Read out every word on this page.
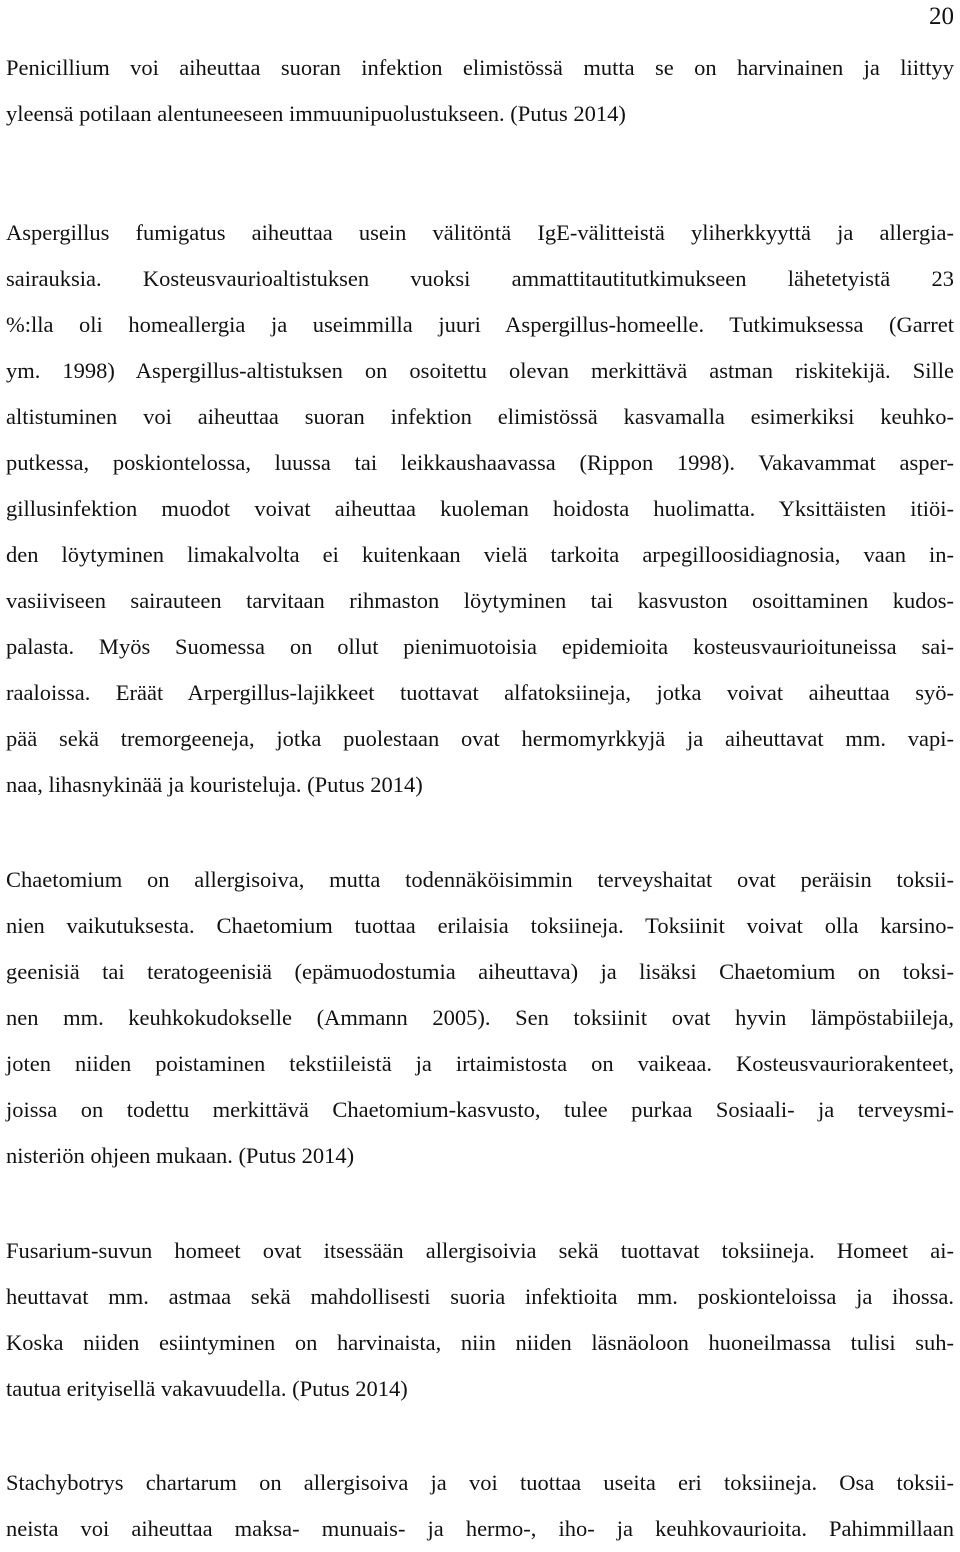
20
Penicillium voi aiheuttaa suoran infektion elimistössä mutta se on harvinainen ja liittyy
yleensä potilaan alentuneeseen immuunipuolustukseen. (Putus 2014)
Aspergillus fumigatus aiheuttaa usein välitöntä IgE-välitteistä yliherkkyyttä ja allergia-
sairauksia. Kosteusvaurioaltistuksen vuoksi ammattitautitutkimukseen lähetetyistä 23
%:lla oli homeallergia ja useimmilla juuri Aspergillus-homeelle. Tutkimuksessa (Garret
ym. 1998) Aspergillus-altistuksen on osoitettu olevan merkittävä astman riskitekijä. Sille
altistuminen voi aiheuttaa suoran infektion elimistössä kasvamalla esimerkiksi keuhko-
putkessa, poskiontelossa, luussa tai leikkaushaavassa (Rippon 1998). Vakavammat asper-
gillusinfektion muodot voivat aiheuttaa kuoleman hoidosta huolimatta. Yksittäisten itiöi-
den löytyminen limakalvolta ei kuitenkaan vielä tarkoita arpegilloosidiagnosia, vaan in-
vasiiviseen sairauteen tarvitaan rihmaston löytyminen tai kasvuston osoittaminen kudos-
palasta. Myös Suomessa on ollut pienimuotoisia epidemioita kosteusvaurioituneissa sai-
raaloissa. Eräät Arpergillus-lajikkeet tuottavat alfatoksiineja, jotka voivat aiheuttaa syö-
pää sekä tremorgeeneja, jotka puolestaan ovat hermomyrkkyjä ja aiheuttavat mm. vapi-
naa, lihasnykinää ja kouristeluja. (Putus 2014)
Chaetomium on allergisoiva, mutta todennäköisimmin terveyshaitat ovat peräisin toksii-
nien vaikutuksesta. Chaetomium tuottaa erilaisia toksiineja. Toksiinit voivat olla karsino-
geenisiä tai teratogeenisiä (epämuodostumia aiheuttava) ja lisäksi Chaetomium on toksi-
nen mm. keuhkokudokselle (Ammann 2005). Sen toksiinit ovat hyvin lämpöstabiileja,
joten niiden poistaminen tekstiileistä ja irtaimistosta on vaikeaa. Kosteusvauriorakenteet,
joissa on todettu merkittävä Chaetomium-kasvusto, tulee purkaa Sosiaali- ja terveysmi-
nisteriön ohjeen mukaan. (Putus 2014)
Fusarium-suvun homeet ovat itsessään allergisoivia sekä tuottavat toksiineja. Homeet ai-
heuttavat mm. astmaa sekä mahdollisesti suoria infektioita mm. poskionteloissa ja ihossa.
Koska niiden esiintyminen on harvinaista, niin niiden läsnäoloon huoneilmassa tulisi suh-
tautua erityisellä vakavuudella. (Putus 2014)
Stachybotrys chartarum on allergisoiva ja voi tuottaa useita eri toksiineja. Osa toksii-
neista voi aiheuttaa maksa- munuais- ja hermo-, iho- ja keuhkovaurioita. Pahimmillaan
